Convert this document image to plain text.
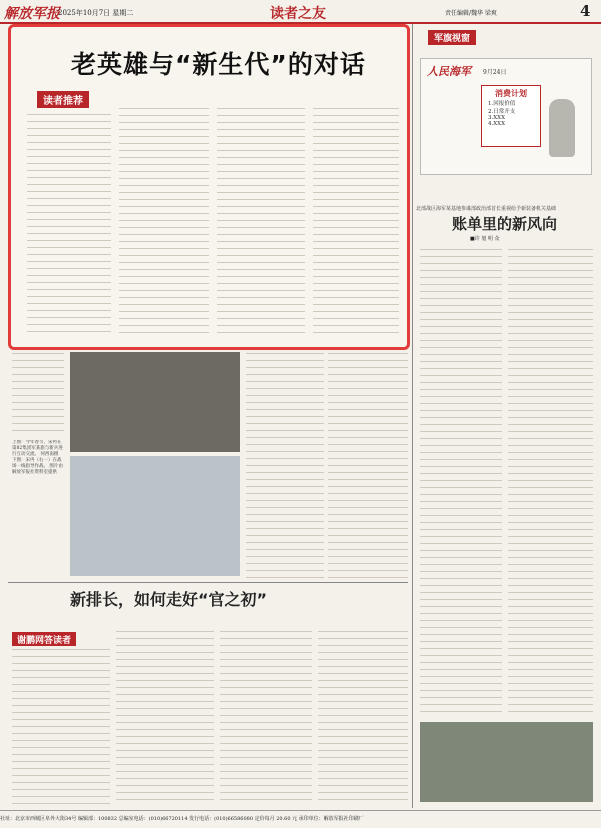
解放军报
2025年10月7日 星期二	读者之友	责任编辑/魏华 梁爽	4
老英雄与“新生代”的对话
读者推荐
上图：今年春节，宋冉在第82集团军某旅与新兵进行互动交流。 何西南摄 下图：宋冉（右一）在战场一线指导作战。 图片由解放军报社资料室提供
新排长，如何走好“官之初”
谢鹏网答读者
军旗视窗
人民海军 9月24日
消费计划
1.回报价值
2.日常开支
3.XXX
4.XXX
北部战区海军某基地参谋部政治部首长重视给予新装备机关基础
账单里的新风向
■许 旭 明 众
社址：北京市西城区阜外大街34号 编辑部：100832 总编室电话：(010)66720114 发行电话：(010)66586080 定价每月 20.60 元 承印单位：解放军报社印刷厂
